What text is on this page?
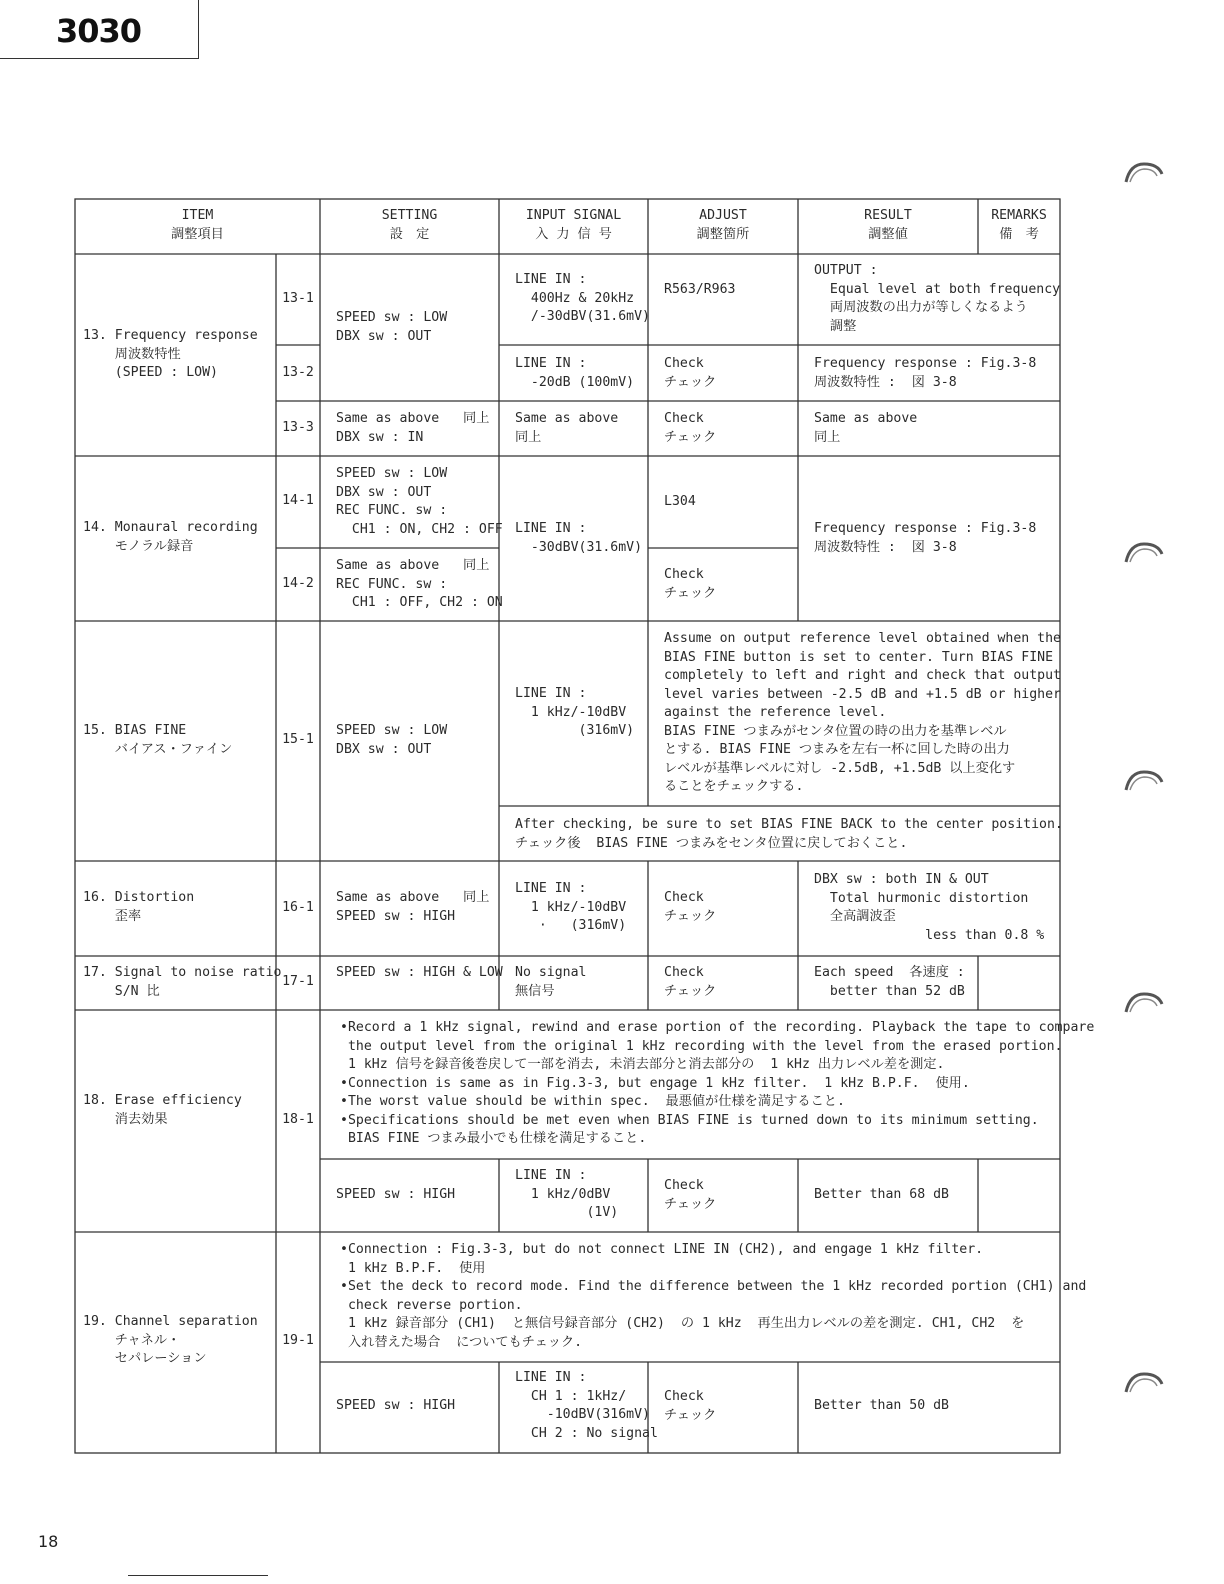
3030
ITEM
調整項目
SETTING
設　定
INPUT SIGNAL
入 力 信 号
ADJUST
調整箇所
RESULT
調整値
REMARKS
備　考
13. Frequency response
周波数特性
(SPEED : LOW)
13-1
SPEED sw : LOW
DBX sw : OUT
LINE IN :
400Hz & 20kHz
/-30dBV(31.6mV)
R563/R963
OUTPUT :
Equal level at both frequency
両周波数の出力が等しくなるよう
調整
13-2
LINE IN :
-20dB (100mV)
Check
チェック
Frequency response : Fig.3-8
周波数特性 :  図 3-8
13-3
Same as above   同上
DBX sw : IN
Same as above
同上
Check
チェック
Same as above
同上
14. Monaural recording
モノラル録音
14-1
SPEED sw : LOW
DBX sw : OUT
REC FUNC. sw :
CH1 : ON, CH2 : OFF LINE IN :
-30dBV(31.6mV)
L304
Frequency response : Fig.3-8
周波数特性 :  図 3-8
14-2
Same as above   同上
REC FUNC. sw :
CH1 : OFF, CH2 : ON
Check
チェック
15. BIAS FINE
バイアス・ファイン
15-1
SPEED sw : LOW
DBX sw : OUT
LINE IN :
1 kHz/-10dBV
(316mV)
Assume on output reference level obtained when the
BIAS FINE button is set to center. Turn BIAS FINE
completely to left and right and check that output
level varies between -2.5 dB and +1.5 dB or higher
against the reference level.
BIAS FINE つまみがセンタ位置の時の出力を基準レベル
とする. BIAS FINE つまみを左右一杯に回した時の出力
レベルが基準レベルに対し -2.5dB, +1.5dB 以上変化す
ることをチェックする.
After checking, be sure to set BIAS FINE BACK to the center position.
チェック後  BIAS FINE つまみをセンタ位置に戻しておくこと.
16. Distortion
歪率
16-1
Same as above   同上
SPEED sw : HIGH
LINE IN :
1 kHz/-10dBV
·   (316mV)
Check
チェック
DBX sw : both IN & OUT
Total hurmonic distortion
全高調波歪
less than 0.8 %
17. Signal to noise ratio
S/N 比
17-1
SPEED sw : HIGH & LOW No signal
無信号
Check
チェック
Each speed  各速度 :
better than 52 dB
18. Erase efficiency
消去効果	18-1
•Record a 1 kHz signal, rewind and erase portion of the recording. Playback the tape to compare
the output level from the original 1 kHz recording with the level from the erased portion.
1 kHz 信号を録音後巻戻して一部を消去, 未消去部分と消去部分の  1 kHz 出力レベル差を測定.
•Connection is same as in Fig.3-3, but engage 1 kHz filter.  1 kHz B.P.F.  使用.
•The worst value should be within spec.  最悪値が仕様を満足すること.
•Specifications should be met even when BIAS FINE is turned down to its minimum setting.
BIAS FINE つまみ最小でも仕様を満足すること.
SPEED sw : HIGH
LINE IN :
1 kHz/0dBV
(1V)
Check
チェック
Better than 68 dB
19. Channel separation
チャネル・
セパレーション
19-1
•Connection : Fig.3-3, but do not connect LINE IN (CH2), and engage 1 kHz filter.
1 kHz B.P.F.  使用
•Set the deck to record mode. Find the difference between the 1 kHz recorded portion (CH1) and
check reverse portion.
1 kHz 録音部分 (CH1)  と無信号録音部分 (CH2)  の 1 kHz  再生出力レベルの差を測定. CH1, CH2  を
入れ替えた場合  についてもチェック.
SPEED sw : HIGH
LINE IN :
CH 1 : 1kHz/
-10dBV(316mV)
CH 2 : No signal
Check
チェック
Better than 50 dB
18
